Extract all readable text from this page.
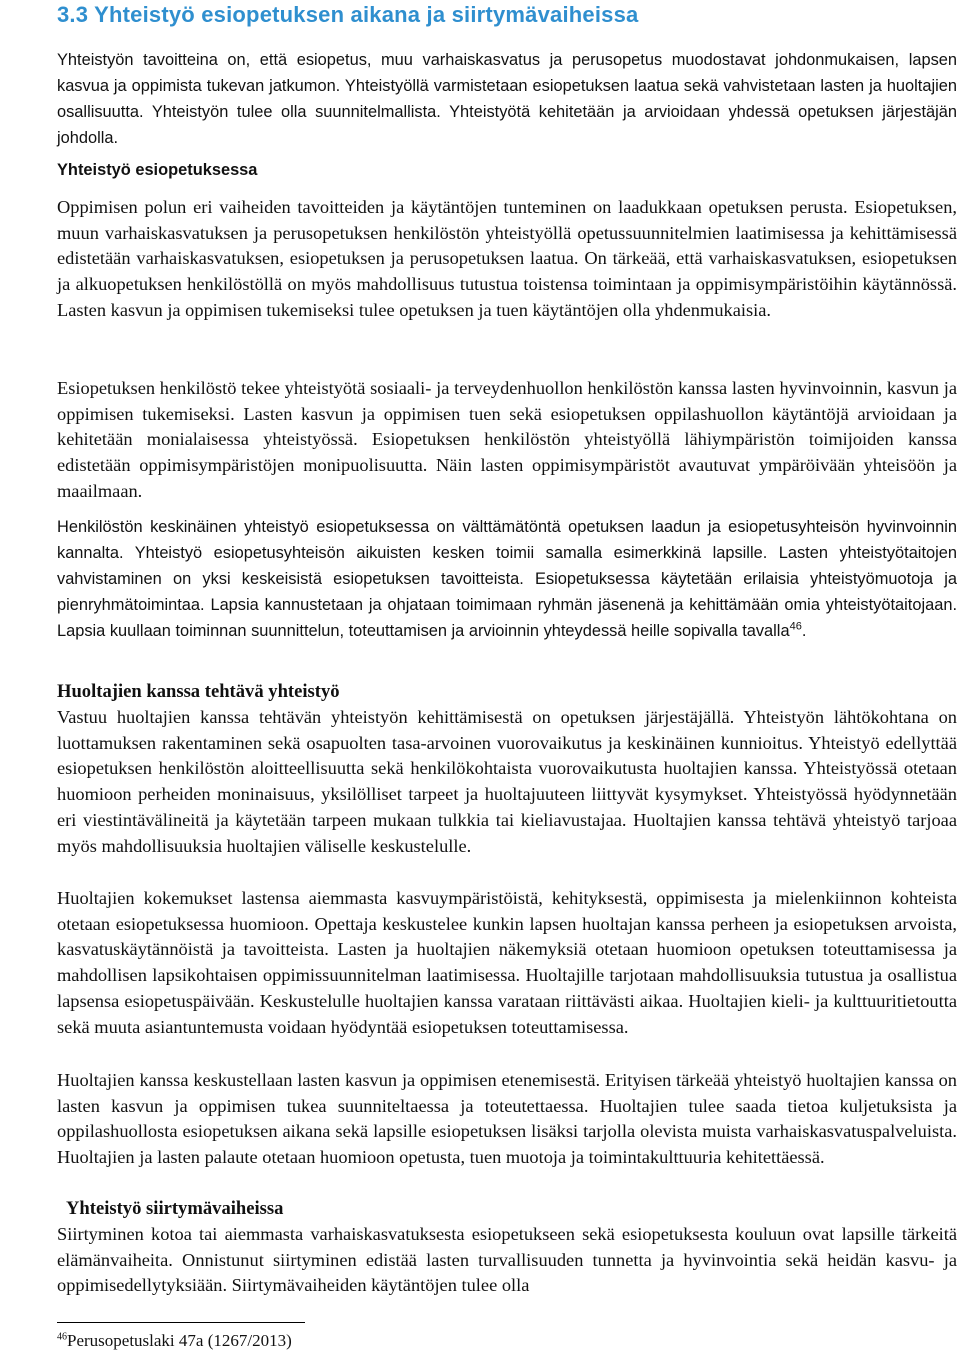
3.3 Yhteistyö esiopetuksen aikana ja siirtymävaiheissa

Yhteistyön tavoitteina on, että esiopetus, muu varhaiskasvatus ja perusopetus muodostavat johdonmukaisen, lapsen kasvua ja oppimista tukevan jatkumon. Yhteistyöllä varmistetaan esiopetuksen laatua sekä vahvistetaan lasten ja huoltajien osallisuutta. Yhteistyön tulee olla suunnitelmallista. Yhteistyötä kehitetään ja arvioidaan yhdessä opetuksen järjestäjän johdolla.

Yhteistyö esiopetuksessa

Oppimisen polun eri vaiheiden tavoitteiden ja käytäntöjen tunteminen on laadukkaan opetuksen perusta. Esiopetuksen, muun varhaiskasvatuksen ja perusopetuksen henkilöstön yhteistyöllä opetussuunnitelmien laatimisessa ja kehittämisessä edistetään varhaiskasvatuksen, esiopetuksen ja perusopetuksen laatua. On tärkeää, että varhaiskasvatuksen, esiopetuksen ja alkuopetuksen henkilöstöllä on myös mahdollisuus tutustua toistensa toimintaan ja oppimisympäristöihin käytännössä. Lasten kasvun ja oppimisen tukemiseksi tulee opetuksen ja tuen käytäntöjen olla yhdenmukaisia.

Esiopetuksen henkilöstö tekee yhteistyötä sosiaali- ja terveydenhuollon henkilöstön kanssa lasten hyvinvoinnin, kasvun ja oppimisen tukemiseksi. Lasten kasvun ja oppimisen tuen sekä esiopetuksen oppilashuollon käytäntöjä arvioidaan ja kehitetään monialaisessa yhteistyössä. Esiopetuksen henkilöstön yhteistyöllä lähiympäristön toimijoiden kanssa edistetään oppimisympäristöjen monipuolisuutta. Näin lasten oppimisympäristöt avautuvat ympäröivään yhteisöön ja maailmaan.

Henkilöstön keskinäinen yhteistyö esiopetuksessa on välttämätöntä opetuksen laadun ja esiopetusyhteisön hyvinvoinnin kannalta. Yhteistyö esiopetusyhteisön aikuisten kesken toimii samalla esimerkkinä lapsille. Lasten yhteistyötaitojen vahvistaminen on yksi keskeisistä esiopetuksen tavoitteista. Esiopetuksessa käytetään erilaisia yhteistyömuotoja ja pienryhmätoimintaa. Lapsia kannustetaan ja ohjataan toimimaan ryhmän jäsenenä ja kehittämään omia yhteistyötaitojaan. Lapsia kuullaan toiminnan suunnittelun, toteuttamisen ja arvioinnin yhteydessä heille sopivalla tavalla$^{46}$.

Huoltajien kanssa tehtävä yhteistyö

Vastuu huoltajien kanssa tehtävän yhteistyön kehittämisestä on opetuksen järjestäjällä. Yhteistyön lähtökohtana on luottamuksen rakentaminen sekä osapuolten tasa-arvoinen vuorovaikutus ja keskinäinen kunnioitus. Yhteistyö edellyttää esiopetuksen henkilöstön aloitteellisuutta sekä henkilökohtaista vuorovaikutusta huoltajien kanssa. Yhteistyössä otetaan huomioon perheiden moninaisuus, yksilölliset tarpeet ja huoltajuuteen liittyvät kysymykset. Yhteistyössä hyödynnetään eri viestintävälineitä ja käytetään tarpeen mukaan tulkkia tai kieliavustajaa. Huoltajien kanssa tehtävä yhteistyö tarjoaa myös mahdollisuuksia huoltajien väliselle keskustelulle.

Huoltajien kokemukset lastensa aiemmasta kasvuympäristöistä, kehityksestä, oppimisesta ja mielenkiinnon kohteista otetaan esiopetuksessa huomioon. Opettaja keskustelee kunkin lapsen huoltajan kanssa perheen ja esiopetuksen arvoista, kasvatuskäytännöistä ja tavoitteista. Lasten ja huoltajien näkemyksiä otetaan huomioon opetuksen toteuttamisessa ja mahdollisen lapsikohtaisen oppimissuunnitelman laatimisessa. Huoltajille tarjotaan mahdollisuuksia tutustua ja osallistua lapsensa esiopetuspäivään. Keskustelulle huoltajien kanssa varataan riittävästi aikaa. Huoltajien kieli- ja kulttuuritietoutta sekä muuta asiantuntemusta voidaan hyödyntää esiopetuksen toteuttamisessa.

Huoltajien kanssa keskustellaan lasten kasvun ja oppimisen etenemisestä. Erityisen tärkeää yhteistyö huoltajien kanssa on lasten kasvun ja oppimisen tukea suunniteltaessa ja toteutettaessa. Huoltajien tulee saada tietoa kuljetuksista ja oppilashuollosta esiopetuksen aikana sekä lapsille esiopetuksen lisäksi tarjolla olevista muista varhaiskasvatuspalveluista. Huoltajien ja lasten palaute otetaan huomioon opetusta, tuen muotoja ja toimintakulttuuria kehitettäessä.

Yhteistyö siirtymävaiheissa

Siirtyminen kotoa tai aiemmasta varhaiskasvatuksesta esiopetukseen sekä esiopetuksesta kouluun ovat lapsille tärkeitä elämänvaiheita. Onnistunut siirtyminen edistää lasten turvallisuuden tunnetta ja hyvinvointia sekä heidän kasvu- ja oppimisedellytyksiään. Siirtymävaiheiden käytäntöjen tulee olla

$^{46}$Perusopetuslaki 47a (1267/2013)
